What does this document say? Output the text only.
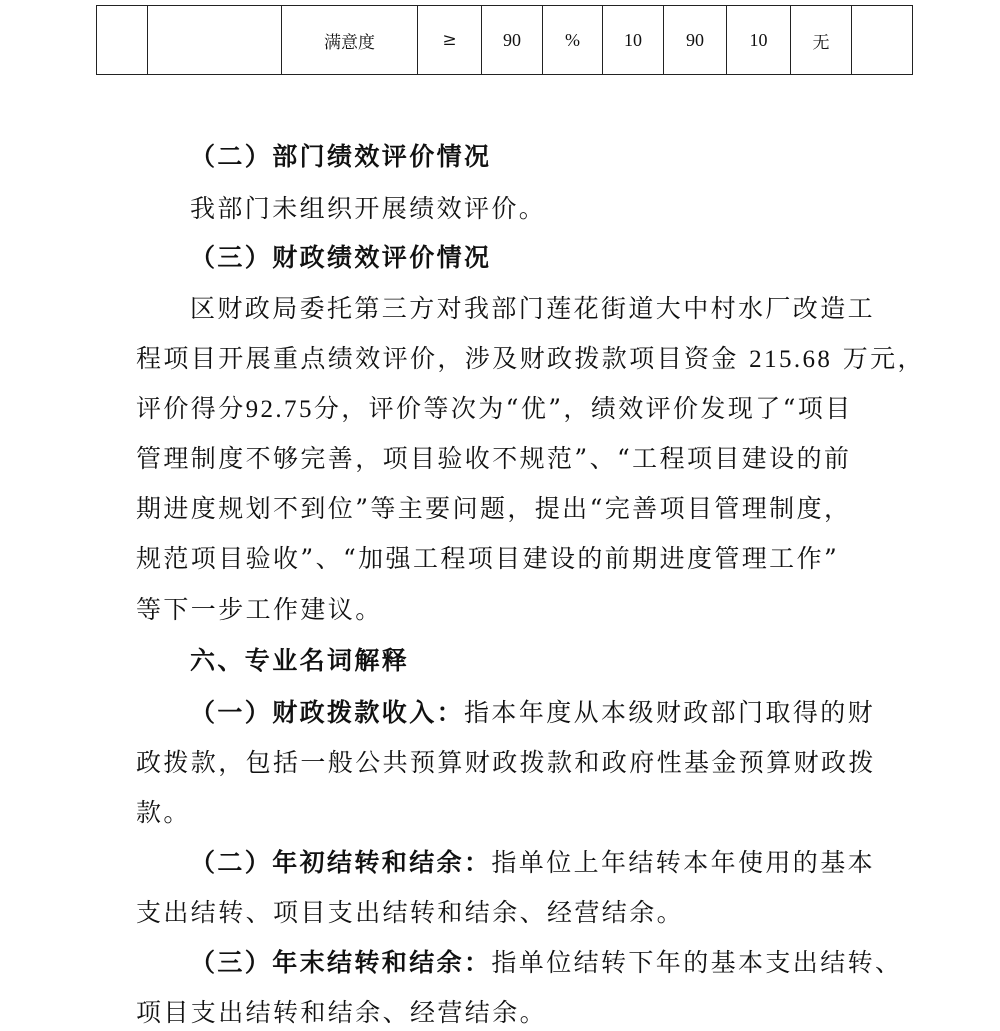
		满意度	≥	90	%	10	90	10	无	
（二）部门绩效评价情况
我部门未组织开展绩效评价。
（三）财政绩效评价情况
区财政局委托第三方对我部门莲花街道大中村水厂改造工
程项目开展重点绩效评价，涉及财政拨款项目资金 215.68 万元，
评价得分92.75分，评价等次为“优”，绩效评价发现了“项目
管理制度不够完善，项目验收不规范”、“工程项目建设的前
期进度规划不到位”等主要问题，提出“完善项目管理制度，
规范项目验收”、“加强工程项目建设的前期进度管理工作”
等下一步工作建议。
六、专业名词解释
（一）财政拨款收入：指本年度从本级财政部门取得的财
政拨款，包括一般公共预算财政拨款和政府性基金预算财政拨
款。
（二）年初结转和结余：指单位上年结转本年使用的基本
支出结转、项目支出结转和结余、经营结余。
（三）年末结转和结余：指单位结转下年的基本支出结转、
项目支出结转和结余、经营结余。
